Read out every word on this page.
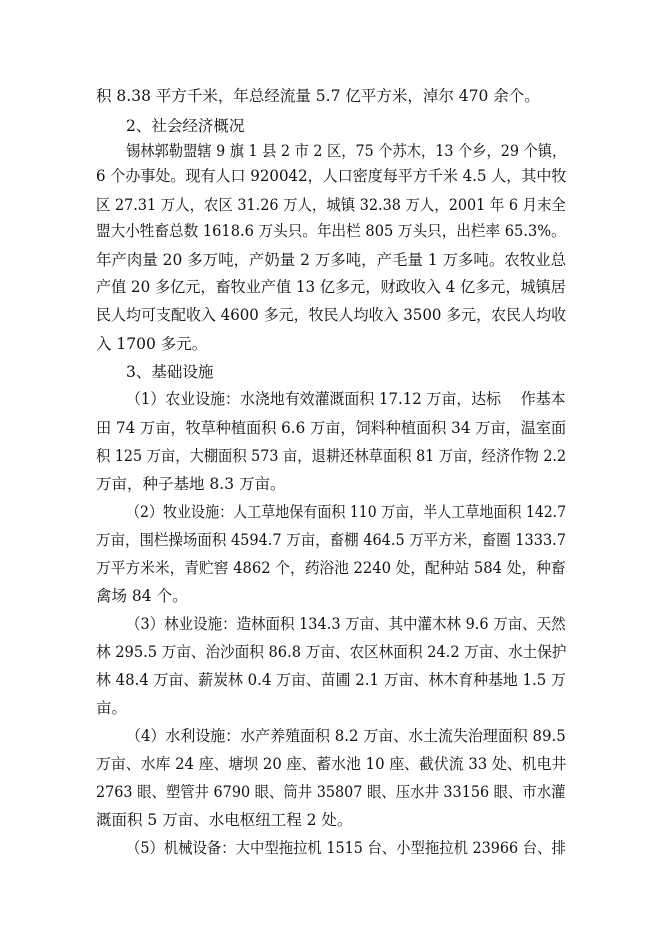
积 8.38 平方千米，年总经流量 5.7 亿平方米，淖尔 470 余个。
2、社会经济概况
锡林郭勒盟辖 9 旗 1 县 2 市 2 区，75 个苏木，13 个乡，29 个镇，
6 个办事处。现有人口 920042，人口密度每平方千米 4.5 人，其中牧
区 27.31 万人，农区 31.26 万人，城镇 32.38 万人，2001 年 6 月末全
盟大小牲畜总数 1618.6 万头只。年出栏 805 万头只，出栏率 65.3%。
年产肉量 20 多万吨，产奶量 2 万多吨，产毛量 1 万多吨。农牧业总
产值 20 多亿元，畜牧业产值 13 亿多元，财政收入 4 亿多元，城镇居
民人均可支配收入 4600 多元，牧民人均收入 3500 多元，农民人均收
入 1700 多元。
3、基础设施
（1）农业设施：水浇地有效灌溉面积 17.12 万亩，达标　 作基本
田 74 万亩，牧草种植面积 6.6 万亩，饲料种植面积 34 万亩，温室面
积 125 万亩，大棚面积 573 亩，退耕还林草面积 81 万亩，经济作物 2.2
万亩，种子基地 8.3 万亩。
（2）牧业设施：人工草地保有面积 110 万亩，半人工草地面积 142.7
万亩，围栏操场面积 4594.7 万亩，畜棚 464.5 万平方米，畜圈 1333.7
万平方米米，青贮窖 4862 个，药浴池 2240 处，配种站 584 处，种畜
禽场 84 个。
（3）林业设施：造林面积 134.3 万亩、其中灌木林 9.6 万亩、天然
林 295.5 万亩、治沙面积 86.8 万亩、农区林面积 24.2 万亩、水土保护
林 48.4 万亩、薪炭林 0.4 万亩、苗圃 2.1 万亩、林木育种基地 1.5 万
亩。
（4）水利设施：水产养殖面积 8.2 万亩、水土流失治理面积 89.5
万亩、水库 24 座、塘坝 20 座、蓄水池 10 座、截伏流 33 处、机电井
2763 眼、塑管井 6790 眼、筒井 35807 眼、压水井 33156 眼、市水灌
溉面积 5 万亩、水电枢纽工程 2 处。
（5）机械设备：大中型拖拉机 1515 台、小型拖拉机 23966 台、排
